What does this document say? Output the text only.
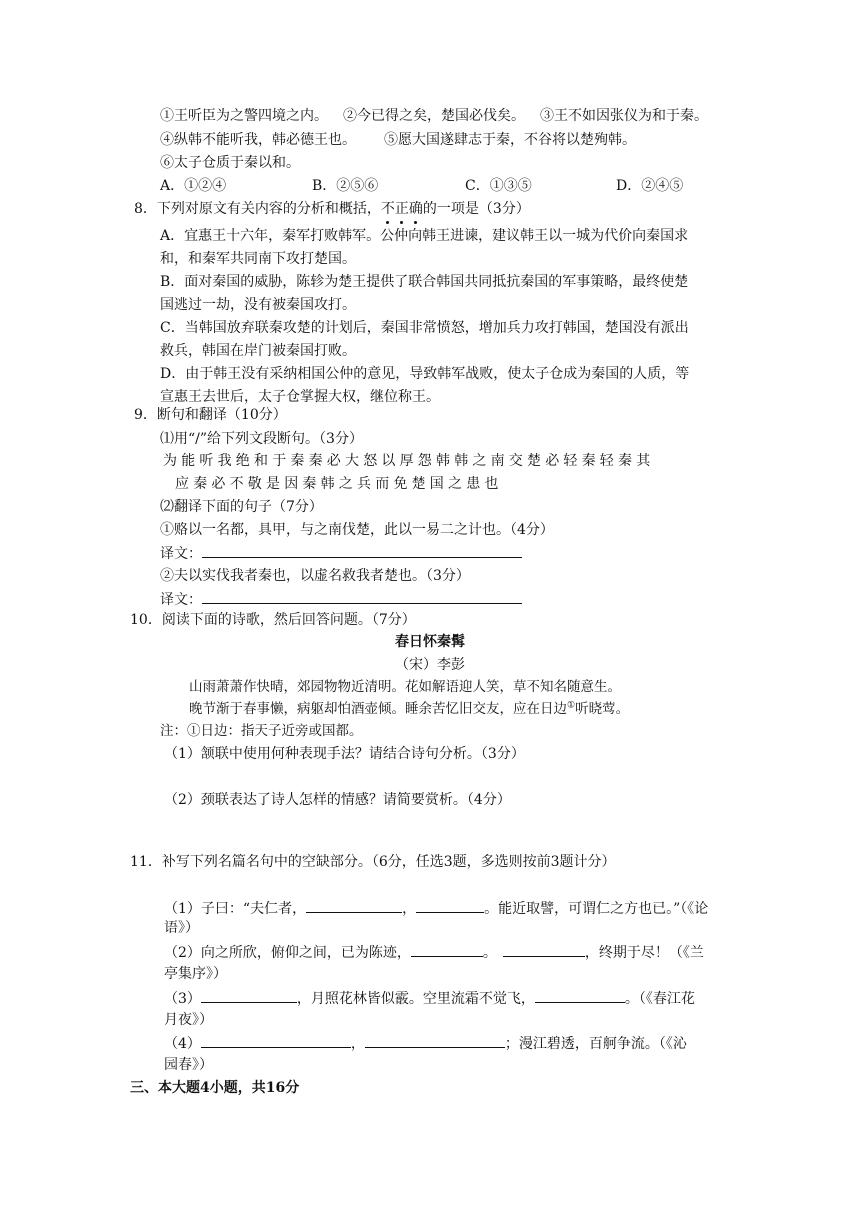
①王听臣为之警四境之内。 ②今已得之矣，楚国必伐矣。 ③王不如因张仪为和于秦。
④纵韩不能听我，韩必德王也。 ⑤愿大国遂肆志于秦，不谷将以楚殉韩。
⑥太子仓质于秦以和。
A．①②④	B．②⑤⑥	C．①③⑤	D．②④⑤
8．下列对原文有关内容的分析和概括，不正确的一项是（3分）
A．宜惠王十六年，秦军打败韩军。公仲向韩王进谏，建议韩王以一城为代价向秦国求
和，和秦军共同南下攻打楚国。
B．面对秦国的威胁，陈轸为楚王提供了联合韩国共同抵抗秦国的军事策略，最终使楚
国逃过一劫，没有被秦国攻打。
C．当韩国放弃联秦攻楚的计划后，秦国非常愤怒，增加兵力攻打韩国，楚国没有派出
救兵，韩国在岸门被秦国打败。
D．由于韩王没有采纳相国公仲的意见，导致韩军战败，使太子仓成为秦国的人质，等
宣惠王去世后，太子仓掌握大权，继位称王。
9．断句和翻译（10分）
⑴用“/”给下列文段断句。（3分）
为能听我绝和于秦秦必大怒以厚怨韩韩之南交楚必轻秦轻秦其
应秦必不敬是因秦韩之兵而免楚国之患也
⑵翻译下面的句子（7分）
①赂以一名都，具甲，与之南伐楚，此以一易二之计也。（4分）
译文：
②夫以实伐我者秦也，以虚名救我者楚也。（3分）
译文：
10．阅读下面的诗歌，然后回答问题。（7分）
春日怀秦髯
（宋）李彭
山雨萧萧作快晴，郊园物物近清明。花如解语迎人笑，草不知名随意生。
晚节渐于春事懒，病躯却怕酒壶倾。睡余苦忆旧交友，应在日边①听晓莺。
注：①日边：指天子近旁或国都。
（1）颔联中使用何种表现手法？请结合诗句分析。（3分）
（2）颈联表达了诗人怎样的情感？请简要赏析。（4分）
11．补写下列名篇名句中的空缺部分。（6分，任选3题，多选则按前3题计分）
（1）子曰：“夫仁者，	，	。能近取譬，可谓仁之方也已。”（《论
语》）
（2）向之所欣，俯仰之间，已为陈迹，	。	，终期于尽！（《兰
亭集序》）
（3）	，月照花林皆似霰。空里流霜不觉飞，	。（《春江花
月夜》）
（4）	，	；漫江碧透，百舸争流。（《沁
园春》）
三、本大题4小题，共16分
